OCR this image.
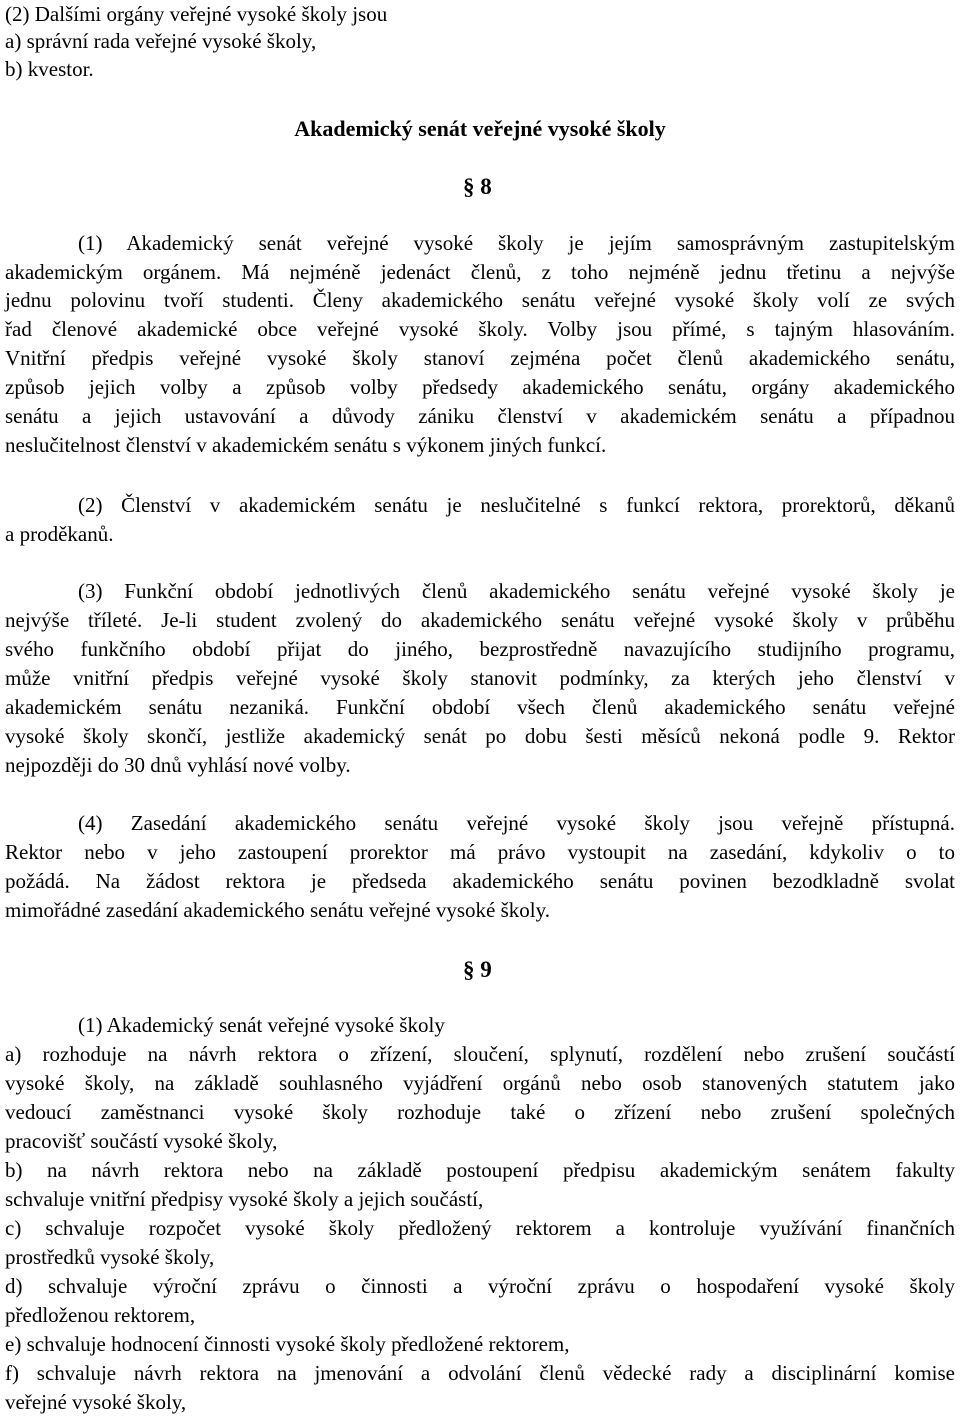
(2) Dalšími orgány veřejné vysoké školy jsou
a) správní rada veřejné vysoké školy,
b) kvestor.
Akademický senát veřejné vysoké školy
§ 8
(1) Akademický senát veřejné vysoké školy je jejím samosprávným zastupitelským
akademickým orgánem. Má nejméně jedenáct členů, z toho nejméně jednu třetinu a nejvýše
jednu polovinu tvoří studenti. Členy akademického senátu veřejné vysoké školy volí ze svých
řad členové akademické obce veřejné vysoké školy. Volby jsou přímé, s tajným hlasováním.
Vnitřní předpis veřejné vysoké školy stanoví zejména počet členů akademického senátu,
způsob jejich volby a způsob volby předsedy akademického senátu, orgány akademického
senátu a jejich ustavování a důvody zániku členství v akademickém senátu a případnou
neslučitelnost členství v akademickém senátu s výkonem jiných funkcí.
(2) Členství v akademickém senátu je neslučitelné s funkcí rektora, prorektorů, děkanů
a proděkanů.
(3) Funkční období jednotlivých členů akademického senátu veřejné vysoké školy je
nejvýše tříleté. Je-li student zvolený do akademického senátu veřejné vysoké školy v průběhu
svého funkčního období přijat do jiného, bezprostředně navazujícího studijního programu,
může vnitřní předpis veřejné vysoké školy stanovit podmínky, za kterých jeho členství v
akademickém senátu nezaniká. Funkční období všech členů akademického senátu veřejné
vysoké školy skončí, jestliže akademický senát po dobu šesti měsíců nekoná podle 9. Rektor
nejpozději do 30 dnů vyhlásí nové volby.
(4) Zasedání akademického senátu veřejné vysoké školy jsou veřejně přístupná.
Rektor nebo v jeho zastoupení prorektor má právo vystoupit na zasedání, kdykoliv o to
požádá. Na žádost rektora je předseda akademického senátu povinen bezodkladně svolat
mimořádné zasedání akademického senátu veřejné vysoké školy.
§ 9
(1) Akademický senát veřejné vysoké školy
a) rozhoduje na návrh rektora o zřízení, sloučení, splynutí, rozdělení nebo zrušení součástí
vysoké školy, na základě souhlasného vyjádření orgánů nebo osob stanovených statutem jako
vedoucí zaměstnanci vysoké školy rozhoduje také o zřízení nebo zrušení společných
pracovišť součástí vysoké školy,
b) na návrh rektora nebo na základě postoupení předpisu akademickým senátem fakulty
schvaluje vnitřní předpisy vysoké školy a jejich součástí,
c) schvaluje rozpočet vysoké školy předložený rektorem a kontroluje využívání finančních
prostředků vysoké školy,
d) schvaluje výroční zprávu o činnosti a výroční zprávu o hospodaření vysoké školy
předloženou rektorem,
e) schvaluje hodnocení činnosti vysoké školy předložené rektorem,
f) schvaluje návrh rektora na jmenování a odvolání členů vědecké rady a disciplinární komise
veřejné vysoké školy,
